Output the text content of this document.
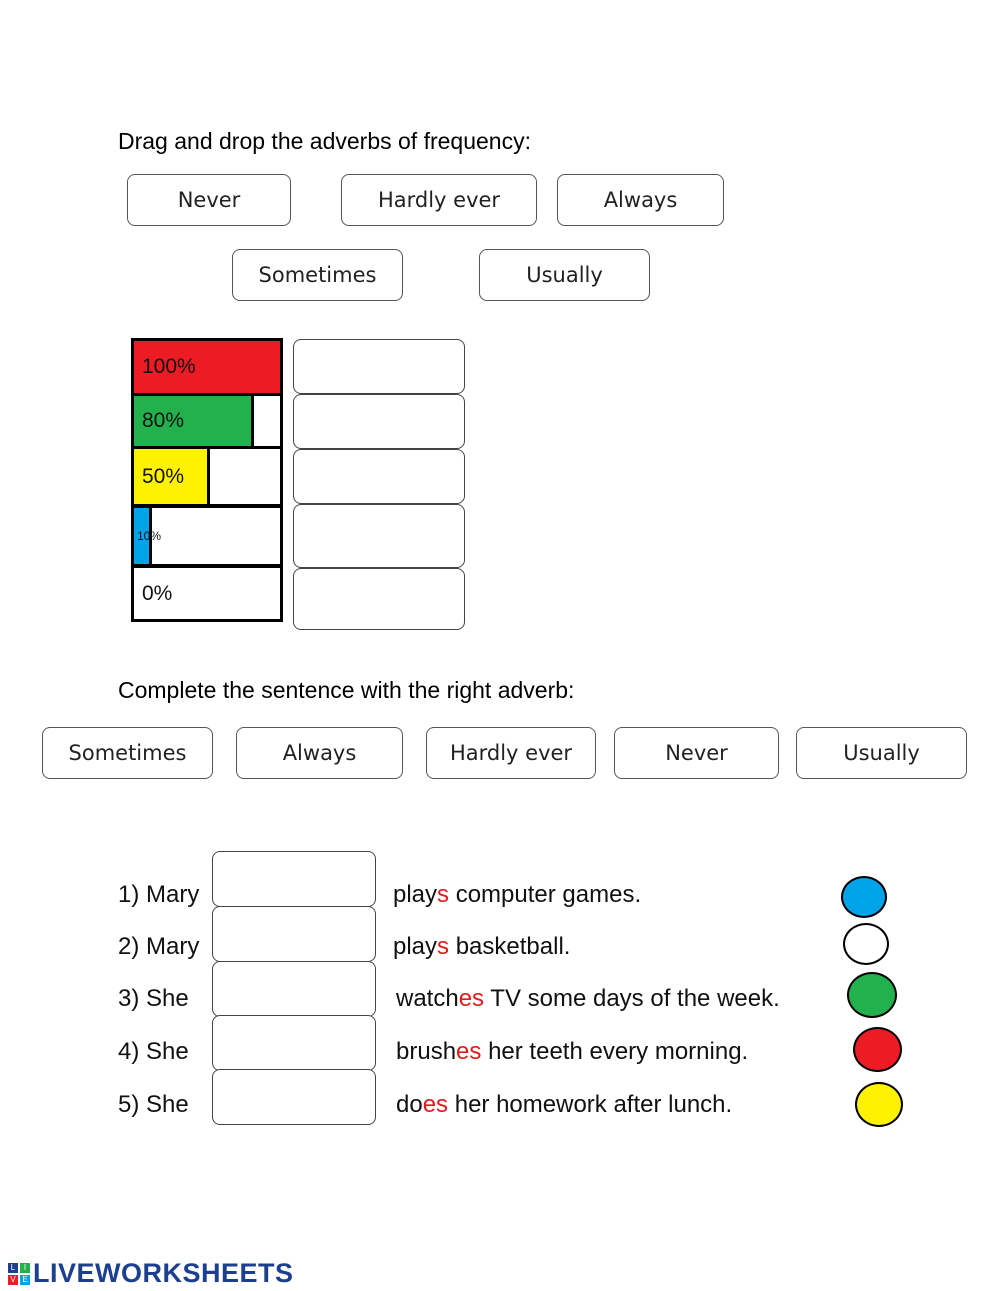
Drag and drop the adverbs of frequency:
Never	Hardly ever	Always
Sometimes	Usually
100%
80%
50%
10%
0%
Complete the sentence with the right adverb:
Sometimes	Always	Hardly ever	Never	Usually
1) Mary	plays computer games.
2) Mary	plays basketball.
3) She	watches TV some days of the week.
4) She	brushes her teeth every morning.
5) She	does her homework after lunch.
L	I
V E LIVEWORKSHEETS
